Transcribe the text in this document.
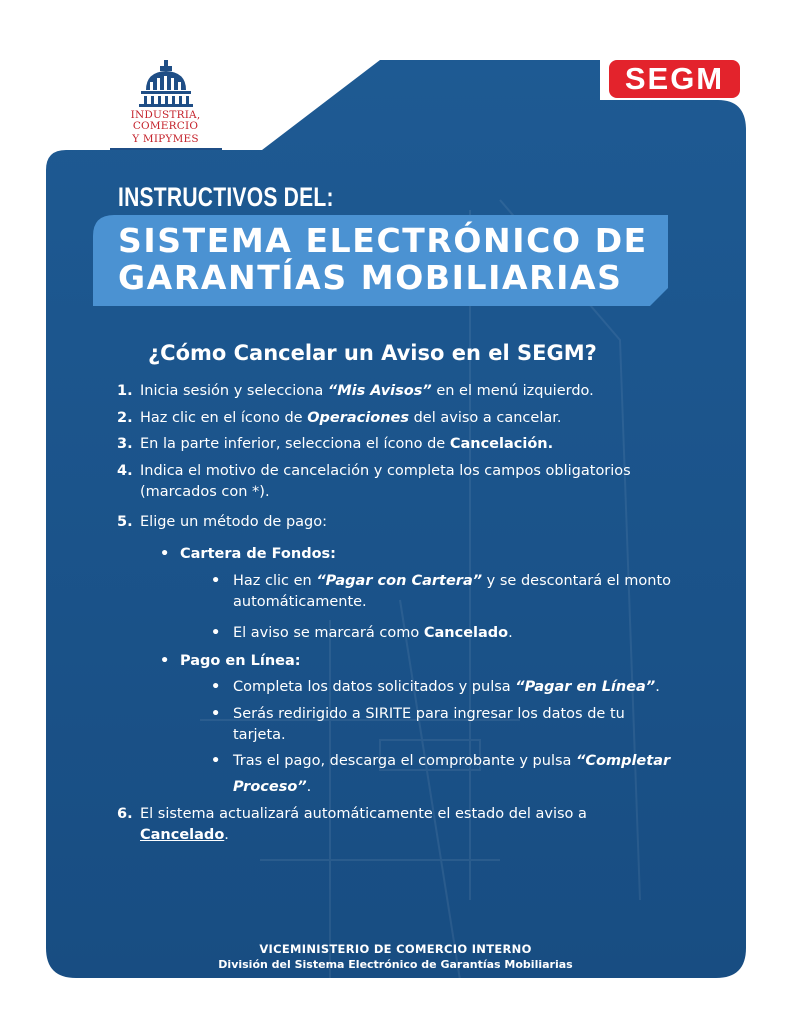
INDUSTRIA, COMERCIO
Y MIPYMES
SEGM
INSTRUCTIVOS DEL:
SISTEMA ELECTRÓNICO DE
GARANTÍAS MOBILIARIAS
¿Cómo Cancelar un Aviso en el SEGM?
1. Inicia sesión y selecciona “Mis Avisos” en el menú izquierdo.
2. Haz clic en el ícono de Operaciones del aviso a cancelar.
3. En la parte inferior, selecciona el ícono de Cancelación.
4. Indica el motivo de cancelación y completa los campos obligatorios
(marcados con *).
5. Elige un método de pago:
• Cartera de Fondos:
• Haz clic en “Pagar con Cartera” y se descontará el monto
automáticamente.
• El aviso se marcará como Cancelado.
• Pago en Línea:
• Completa los datos solicitados y pulsa “Pagar en Línea”.
• Serás redirigido a SIRITE para ingresar los datos de tu
tarjeta.
• Tras el pago, descarga el comprobante y pulsa “Completar
Proceso”.
6. El sistema actualizará automáticamente el estado del aviso a
Cancelado.
VICEMINISTERIO DE COMERCIO INTERNO
División del Sistema Electrónico de Garantías Mobiliarias
